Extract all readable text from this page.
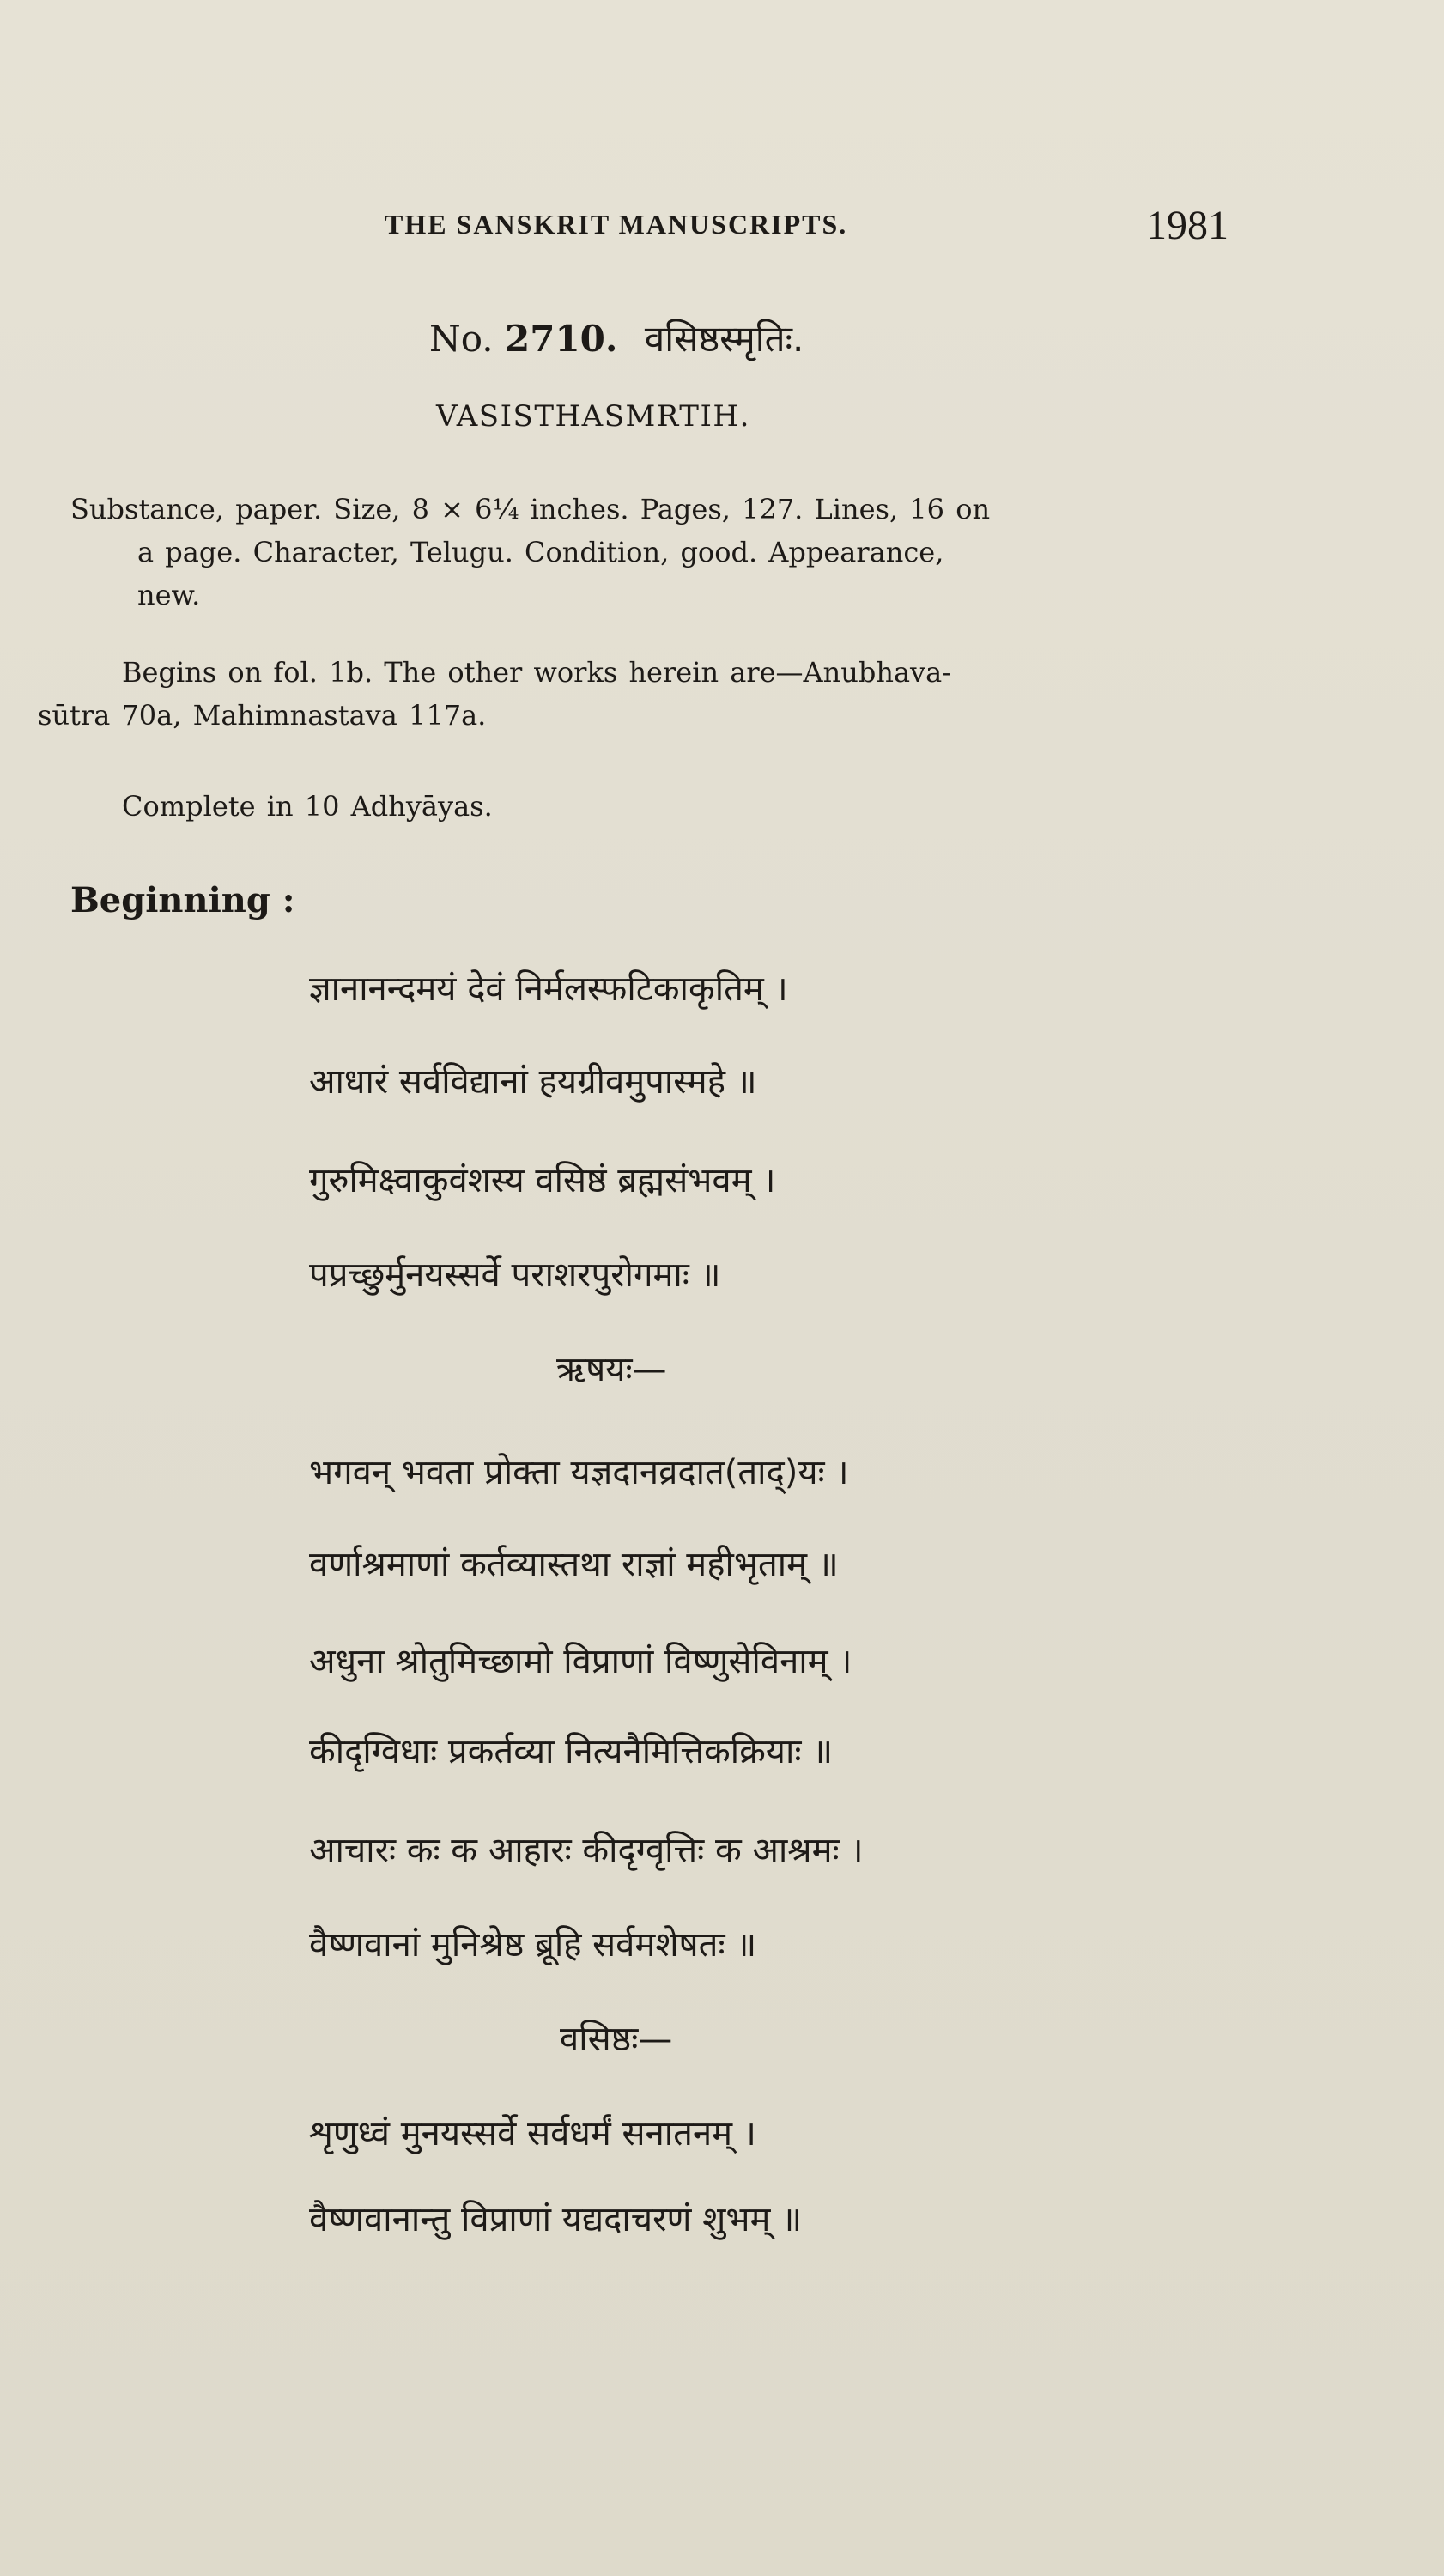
THE SANSKRIT MANUSCRIPTS.	1981
No. 2710. वसिष्ठस्मृतिः.
VASISTHASMRTIH.
Substance, paper. Size, 8 × 6¼ inches. Pages, 127. Lines, 16 on
a page. Character, Telugu. Condition, good. Appearance,
new.
Begins on fol. 1b. The other works herein are—Anubhava-
sūtra 70a, Mahimnastava 117a.
Complete in 10 Adhyāyas.
Beginning :
ज्ञानानन्दमयं देवं निर्मलस्फटिकाकृतिम् ।
आधारं सर्वविद्यानां हयग्रीवमुपास्महे ॥
गुरुमिक्ष्वाकुवंशस्य वसिष्ठं ब्रह्मसंभवम् ।
पप्रच्छुर्मुनयस्सर्वे पराशरपुरोगमाः ॥
ऋषयः—
भगवन् भवता प्रोक्ता यज्ञदानव्रदात(ताद्)यः ।
वर्णाश्रमाणां कर्तव्यास्तथा राज्ञां महीभृताम् ॥
अधुना श्रोतुमिच्छामो विप्राणां विष्णुसेविनाम् ।
कीदृग्विधाः प्रकर्तव्या नित्यनैमित्तिकक्रियाः ॥
आचारः कः क आहारः कीदृग्वृत्तिः क आश्रमः ।
वैष्णवानां मुनिश्रेष्ठ ब्रूहि सर्वमशेषतः ॥
वसिष्ठः—
शृणुध्वं मुनयस्सर्वे सर्वधर्मं सनातनम् ।
वैष्णवानान्तु विप्राणां यद्यदाचरणं शुभम् ॥
